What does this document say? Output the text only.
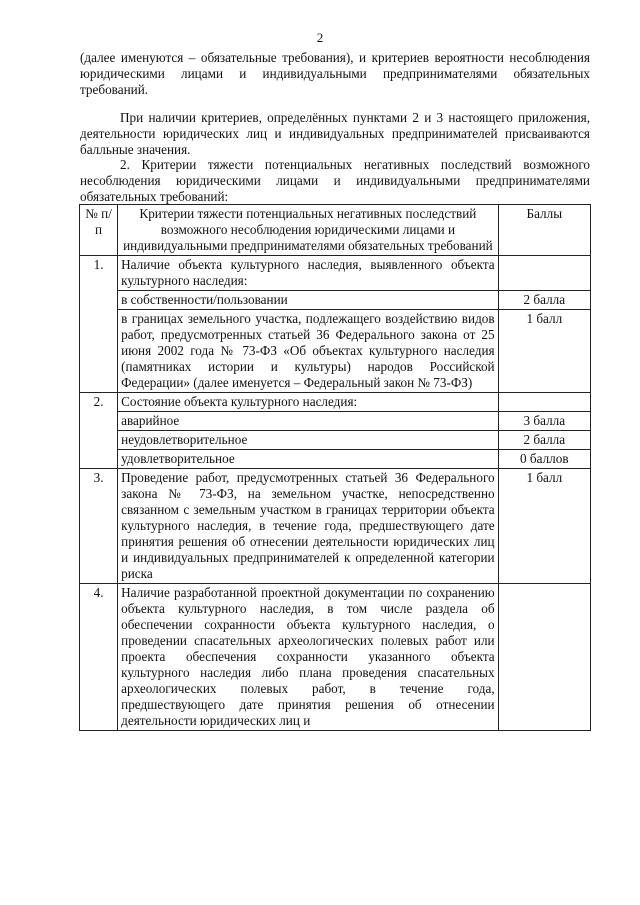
2
(далее именуются – обязательные требования), и критериев вероятности несоблюдения юридическими лицами и индивидуальными предпринимателями обязательных требований.
При наличии критериев, определённых пунктами 2 и 3 настоящего приложения, деятельности юридических лиц и индивидуальных предпринимателей присваиваются балльные значения.
2. Критерии тяжести потенциальных негативных последствий возможного несоблюдения юридическими лицами и индивидуальными предпринимателями обязательных требований:
№ п/п	Критерии тяжести потенциальных негативных последствий возможного несоблюдения юридическими лицами и индивидуальными предпринимателями обязательных требований	Баллы
1.	Наличие объекта культурного наследия, выявленного объекта культурного наследия:	
	в собственности/пользовании	2 балла
	в границах земельного участка, подлежащего воздействию видов работ, предусмотренных статьей 36 Федерального закона от 25 июня 2002 года № 73-ФЗ «Об объектах культурного наследия (памятниках истории и культуры) народов Российской Федерации» (далее именуется – Федеральный закон № 73-ФЗ)	1 балл
2.	Состояние объекта культурного наследия:	
	аварийное	3 балла
	неудовлетворительное	2 балла
	удовлетворительное	0 баллов
3.	Проведение работ, предусмотренных статьей 36 Федерального закона № 73-ФЗ, на земельном участке, непосредственно связанном с земельным участком в границах территории объекта культурного наследия, в течение года, предшествующего дате принятия решения об отнесении деятельности юридических лиц и индивидуальных предпринимателей к определенной категории риска	1 балл
4.	Наличие разработанной проектной документации по сохранению объекта культурного наследия, в том числе раздела об обеспечении сохранности объекта культурного наследия, о проведении спасательных археологических полевых работ или проекта обеспечения сохранности указанного объекта культурного наследия либо плана проведения спасательных археологических полевых работ, в течение года, предшествующего дате принятия решения об отнесении деятельности юридических лиц и	
